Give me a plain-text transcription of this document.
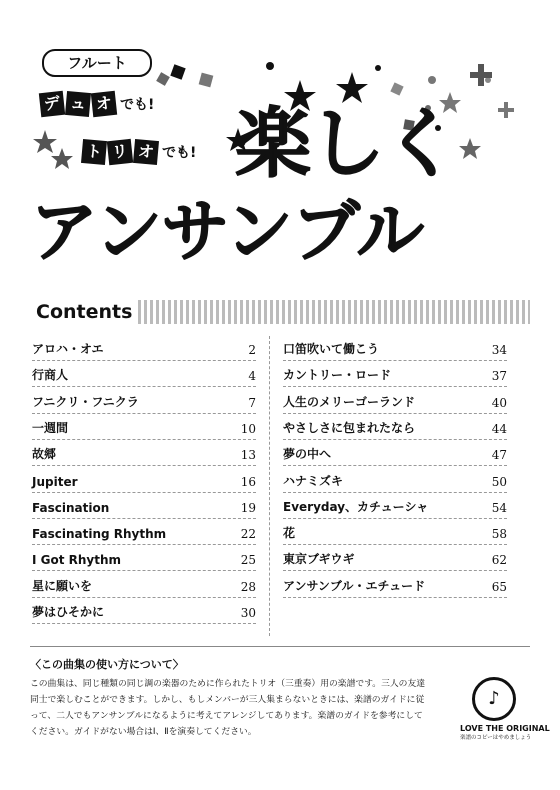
フルート
デ ュ オ でも!
ト リ オ でも! 楽しく
アンサンブル
Contents
アロハ・オエ	2
行商人	4
フニクリ・フニクラ	7
一週間	10
故郷	13
Jupiter	16
Fascination	19
Fascinating Rhythm	22
I Got Rhythm	25
星に願いを	28
夢はひそかに	30
口笛吹いて働こう	34
カントリー・ロード	37
人生のメリーゴーランド	40
やさしさに包まれたなら	44
夢の中へ	47
ハナミズキ	50
Everyday、カチューシャ	54
花	58
東京ブギウギ	62
アンサンブル・エチュード	65
〈この曲集の使い方について〉
この曲集は、同じ種類の同じ調の楽器のために作られたトリオ（三重奏）用の楽譜です。三人の友達同士で楽しむことができます。しかし、もしメンバーが三人集まらないときには、楽譜のガイドに従って、二人でもアンサンブルになるように考えてアレンジしてあります。楽譜のガイドを参考にしてください。ガイドがない場合はⅠ、Ⅱを演奏してください。
♪
LOVE THE ORIGINAL
楽譜のコピーはやめましょう
